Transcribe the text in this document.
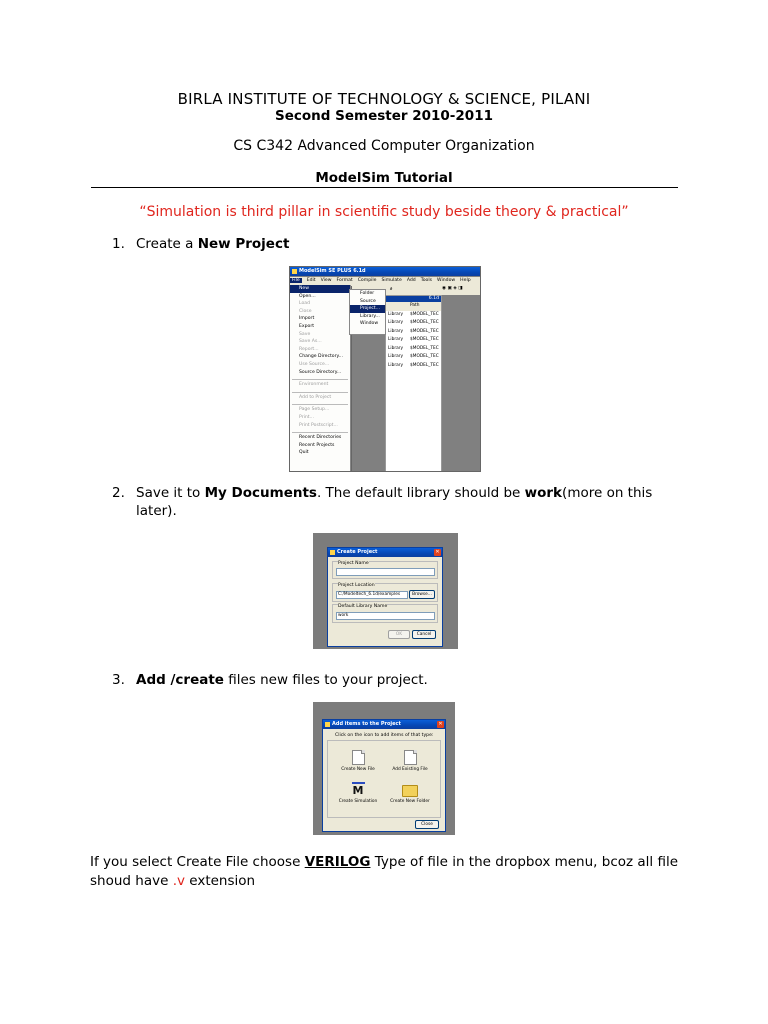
BIRLA INSTITUTE OF TECHNOLOGY & SCIENCE, PILANI
Second Semester 2010-2011
CS C342 Advanced Computer Organization
ModelSim Tutorial
“Simulation is third pillar in scientific study beside theory & practical”
1. Create a New Project
ModelSim SE PLUS 6.1d
File Edit View Format Compile Simulate Add Tools Window Help
⌕	◉ ▣ ◈ ◨
6.1d
Path
Library $MODEL_TEC
Library $MODEL_TEC
Library $MODEL_TEC
Library $MODEL_TEC
Library $MODEL_TEC
Library $MODEL_TEC
Library $MODEL_TEC
New
Open...
Load
Close
Import
Export
Save
Save As...
Report...
Change Directory...
Use Source...
Source Directory...
Environment
Add to Project
Page Setup...
Print...
Print Postscript...
Recent Directories
Recent Projects
Quit
Folder
Source
Project...
Library...
Window
2. Save it to My Documents. The default library should be work(more on this later).
Create Project	✕
Project Name
Project Location
C:/Modeltech_6.1d/examples	Browse...
Default Library Name
work
OK	Cancel
3. Add /create files new files to your project.
Add items to the Project	✕
Click on the icon to add items of that type:
Create New File	Add Existing File
M
Create Simulation	Create New Folder
Close
If you select Create File choose VERILOG Type of file in the dropbox menu, bcoz all file shoud have .v extension
